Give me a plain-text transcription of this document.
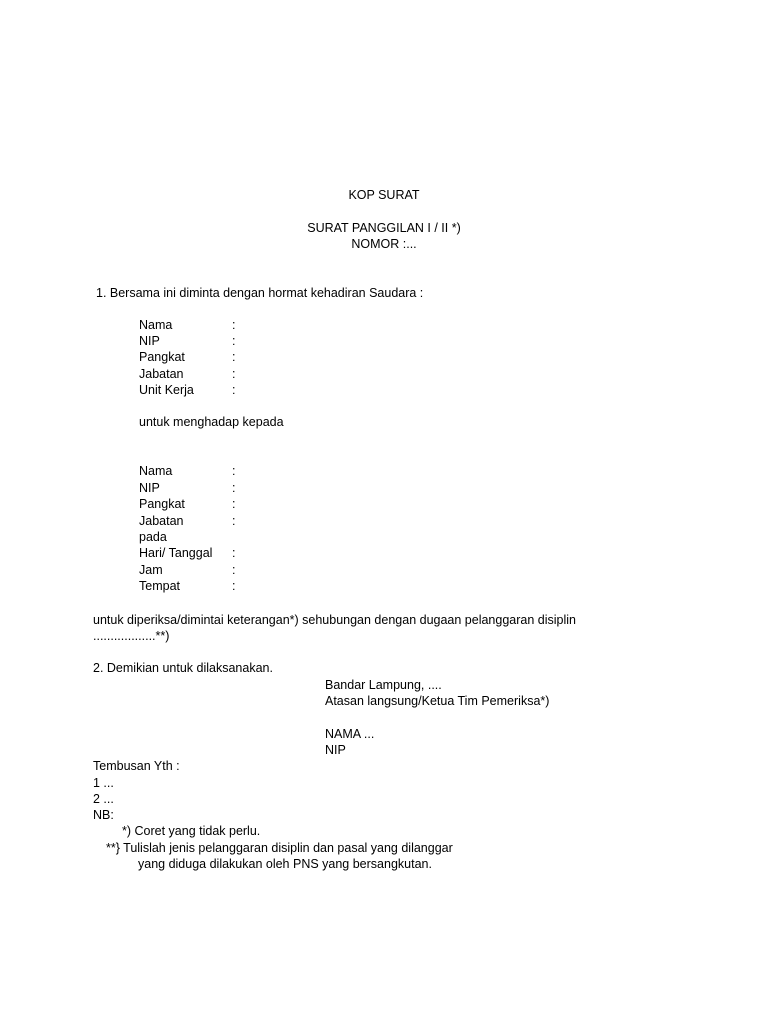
KOP SURAT
SURAT PANGGILAN I / II *)
NOMOR :...
1. Bersama ini diminta dengan hormat kehadiran Saudara :
Nama	:
NIP	:
Pangkat	:
Jabatan	:
Unit Kerja	:
untuk menghadap kepada
Nama	:
NIP	:
Pangkat	:
Jabatan	:
pada
Hari/ Tanggal :
Jam	:
Tempat	:
untuk diperiksa/dimintai keterangan*) sehubungan dengan dugaan pelanggaran disiplin
..................**)
2. Demikian untuk dilaksanakan.
Bandar Lampung, ....
Atasan langsung/Ketua Tim Pemeriksa*)
NAMA ...
NIP
Tembusan Yth :
1 ...
2 ...
NB:
*) Coret yang tidak perlu.
**} Tulislah jenis pelanggaran disiplin dan pasal yang dilanggar
yang diduga dilakukan oleh PNS yang bersangkutan.
